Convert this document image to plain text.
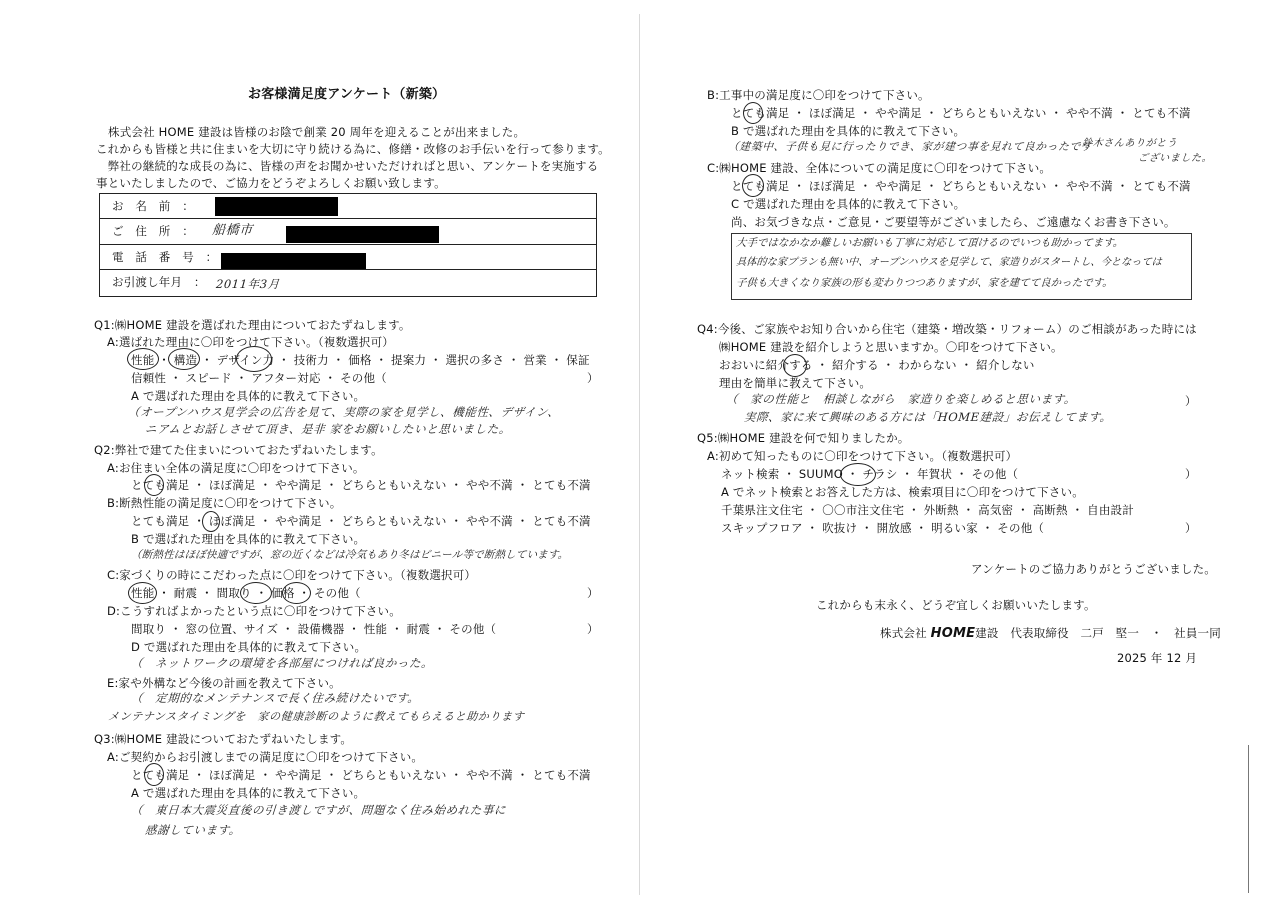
お客様満足度アンケート（新築）
株式会社 HOME 建設は皆様のお陰で創業 20 周年を迎えることが出来ました。
これからも皆様と共に住まいを大切に守り続ける為に、修繕・改修のお手伝いを行って参ります。
　弊社の継続的な成長の為に、皆様の声をお聞かせいただければと思い、アンケートを実施する
事といたしましたので、ご協力をどうぞよろしくお願い致します。
お　名　前　：
ご　住　所　： 船橋市
電　話　番　号　：
お引渡し年月　： 2011年3月
Q1:㈱HOME 建設を選ばれた理由についておたずねします。
A:選ばれた理由に〇印をつけて下さい。（複数選択可）
性能 ・ 構造 ・ デザイン力 ・ 技術力 ・ 価格 ・ 提案力 ・ 選択の多さ ・ 営業 ・ 保証
信頼性 ・ スピード ・ アフター対応 ・ その他（	）
A で選ばれた理由を具体的に教えて下さい。
（オープンハウス見学会の広告を見て、実際の家を見学し、機能性、デザイン、
ニアムとお話しさせて頂き、是非 家をお願いしたいと思いました。
Q2:弊社で建てた住まいについておたずねいたします。
A:お住まい全体の満足度に〇印をつけて下さい。
とても満足 ・ ほぼ満足 ・ やや満足 ・ どちらともいえない ・ やや不満 ・ とても不満
B:断熱性能の満足度に〇印をつけて下さい。
とても満足 ・ ほぼ満足 ・ やや満足 ・ どちらともいえない ・ やや不満 ・ とても不満
B で選ばれた理由を具体的に教えて下さい。
（断熱性はほぼ快適ですが、窓の近くなどは冷気もあり冬はビニール等で断熱しています。
C:家づくりの時にこだわった点に〇印をつけて下さい。（複数選択可）
性能 ・ 耐震 ・ 間取り ・ 価格 ・ その他（	）
D:こうすればよかったという点に〇印をつけて下さい。
間取り ・ 窓の位置、サイズ ・ 設備機器 ・ 性能 ・ 耐震 ・ その他（	）
D で選ばれた理由を具体的に教えて下さい。
（　ネットワークの環境を各部屋につければ良かった。
E:家や外構など今後の計画を教えて下さい。
（　定期的なメンテナンスで長く住み続けたいです。
メンテナンスタイミングを　家の健康診断のように教えてもらえると助かります
Q3:㈱HOME 建設についておたずねいたします。
A:ご契約からお引渡しまでの満足度に〇印をつけて下さい。
とても満足 ・ ほぼ満足 ・ やや満足 ・ どちらともいえない ・ やや不満 ・ とても不満
A で選ばれた理由を具体的に教えて下さい。
（　東日本大震災直後の引き渡しですが、問題なく住み始めれた事に
感謝しています。
B:工事中の満足度に〇印をつけて下さい。
とても満足 ・ ほぼ満足 ・ やや満足 ・ どちらともいえない ・ やや不満 ・ とても不満
B で選ばれた理由を具体的に教えて下さい。
（建築中、子供も見に行ったりでき、家が建つ事を見れて良かったです
鈴木さんありがとう
ございました。
C:㈱HOME 建設、全体についての満足度に〇印をつけて下さい。
とても満足 ・ ほぼ満足 ・ やや満足 ・ どちらともいえない ・ やや不満 ・ とても不満
C で選ばれた理由を具体的に教えて下さい。
尚、お気づきな点・ご意見・ご要望等がございましたら、ご遠慮なくお書き下さい。
大手ではなかなか難しいお願いも丁寧に対応して頂けるのでいつも助かってます。
具体的な家プランも無い中、オープンハウスを見学して、家造りがスタートし、今となっては
子供も大きくなり家族の形も変わりつつありますが、家を建てて良かったです。
Q4:今後、ご家族やお知り合いから住宅（建築・増改築・リフォーム）のご相談があった時には
㈱HOME 建設を紹介しようと思いますか。〇印をつけて下さい。
おおいに紹介する ・ 紹介する ・ わからない ・ 紹介しない
理由を簡単に教えて下さい。
（　家の性能と　相談しながら　家造りを楽しめると思います。	）
実際、家に来て興味のある方には「HOME建設」お伝えしてます。
Q5:㈱HOME 建設を何で知りましたか。
A:初めて知ったものに〇印をつけて下さい。（複数選択可）
ネット検索 ・ SUUMO ・ チラシ ・ 年賀状 ・ その他（	）
A でネット検索とお答えした方は、検索項目に〇印をつけて下さい。
千葉県注文住宅 ・ 〇〇市注文住宅 ・ 外断熱 ・ 高気密 ・ 高断熱 ・ 自由設計
スキップフロア ・ 吹抜け ・ 開放感 ・ 明るい家 ・ その他（	）
アンケートのご協力ありがとうございました。
これからも末永く、どうぞ宜しくお願いいたします。
株式会社 HOME建設　代表取締役　二戸　堅一　・　社員一同
2025 年 12 月
